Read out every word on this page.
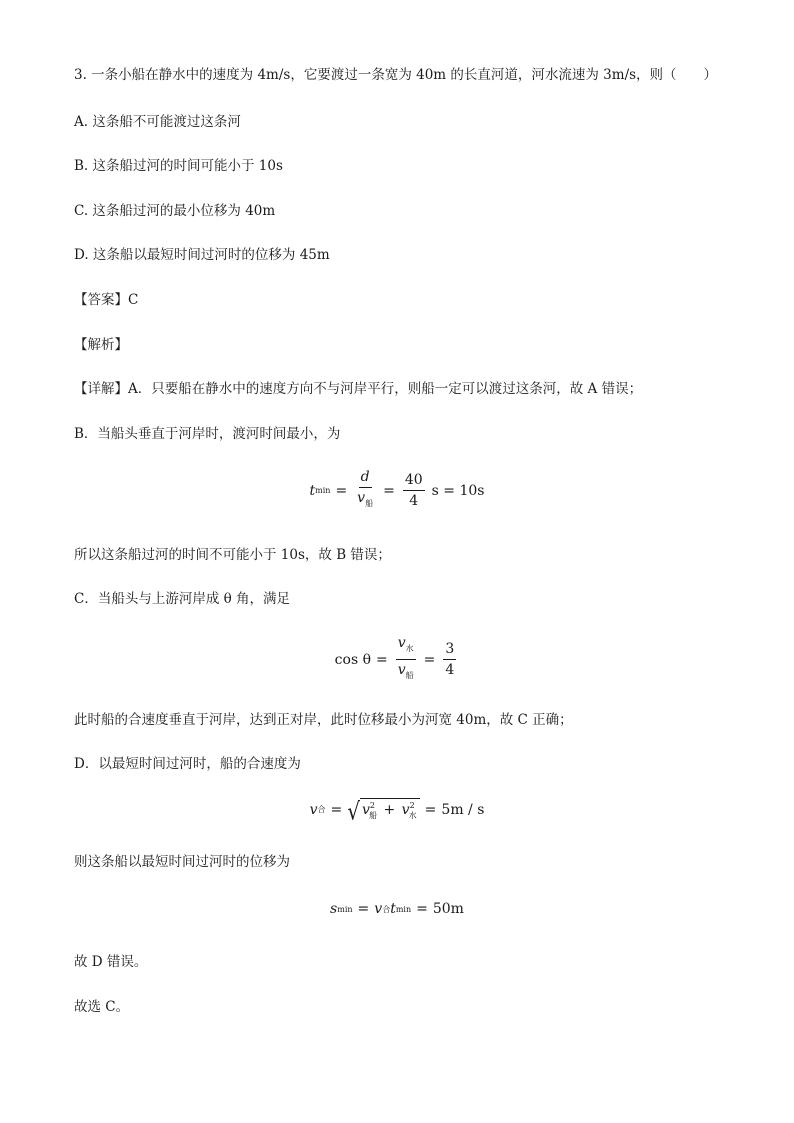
3. 一条小船在静水中的速度为 4m/s，它要渡过一条宽为 40m 的长直河道，河水流速为 3m/s，则（　　）
A. 这条船不可能渡过这条河
B. 这条船过河的时间可能小于 10s
C. 这条船过河的最小位移为 40m
D. 这条船以最短时间过河时的位移为 45m
【答案】C
【解析】
【详解】A．只要船在静水中的速度方向不与河岸平行，则船一定可以渡过这条河，故 A 错误；
B．当船头垂直于河岸时，渡河时间最小，为
t $\min = \frac{d}{v_船} = \frac{40}{4}$ s = 10s
所以这条船过河的时间不可能小于 10s，故 B 错误；
C．当船头与上游河岸成 θ 角，满足
$\cos \theta = \frac{v_水}{v_船} = \frac{3}{4}$
此时船的合速度垂直于河岸，达到正对岸，此时位移最小为河宽 40m，故 C 正确；
D．以最短时间过河时，船的合速度为
v 合 = √ $v^2_船 + v^2_水 = 5m / s$
则这条船以最短时间过河时的位移为
s min = v 合 t min = 50m
故 D 错误。
故选 C。
